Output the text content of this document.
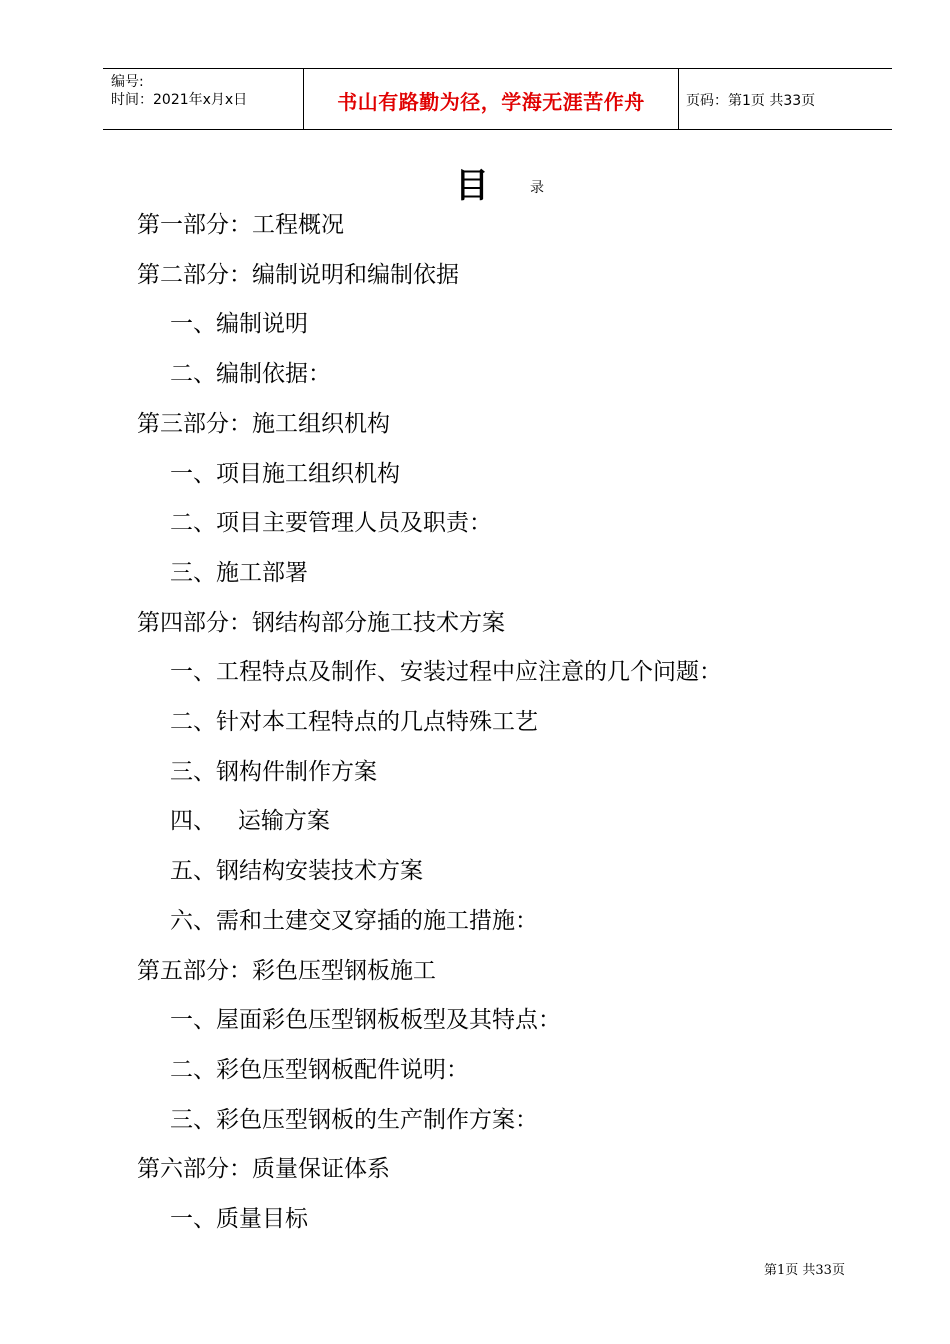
编号:
时间：2021年x月x日	书山有路勤为径，学海无涯苦作舟	页码：第1页 共33页
目	录
第一部分：工程概况
第二部分：编制说明和编制依据
一、编制说明
二、编制依据：
第三部分：施工组织机构
一、项目施工组织机构
二、项目主要管理人员及职责：
三、施工部署
第四部分：钢结构部分施工技术方案
一、工程特点及制作、安装过程中应注意的几个问题：
二、针对本工程特点的几点特殊工艺
三、钢构件制作方案
四、   运输方案
五、钢结构安装技术方案
六、需和土建交叉穿插的施工措施：
第五部分：彩色压型钢板施工
一、屋面彩色压型钢板板型及其特点：
二、彩色压型钢板配件说明：
三、彩色压型钢板的生产制作方案：
第六部分：质量保证体系
一、质量目标
第1页 共33页
